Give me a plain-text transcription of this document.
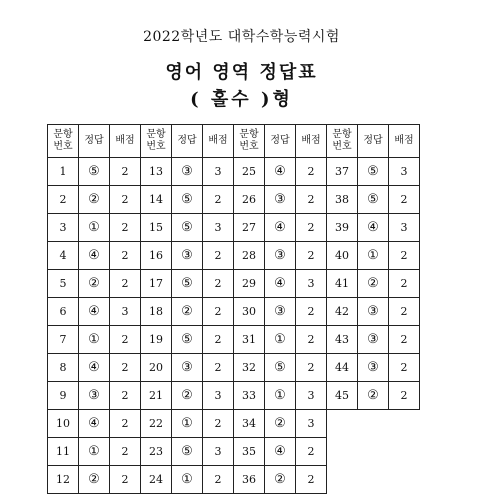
2022학년도 대학수학능력시험
영어 영역 정답표
( 홀수 )형
문항
번호	정답	배점	문항
번호	정답	배점	문항
번호	정답	배점	문항
번호	정답	배점
1	⑤	2	13	③	3	25	④	2	37	⑤	3
2	②	2	14	⑤	2	26	③	2	38	⑤	2
3	①	2	15	⑤	3	27	④	2	39	④	3
4	④	2	16	③	2	28	③	2	40	①	2
5	②	2	17	⑤	2	29	④	3	41	②	2
6	④	3	18	②	2	30	③	2	42	③	2
7	①	2	19	⑤	2	31	①	2	43	③	2
8	④	2	20	③	2	32	⑤	2	44	③	2
9	③	2	21	②	3	33	①	3	45	②	2
10	④	2	22	①	2	34	②	3			
11	①	2	23	⑤	3	35	④	2			
12	②	2	24	①	2	36	②	2			
